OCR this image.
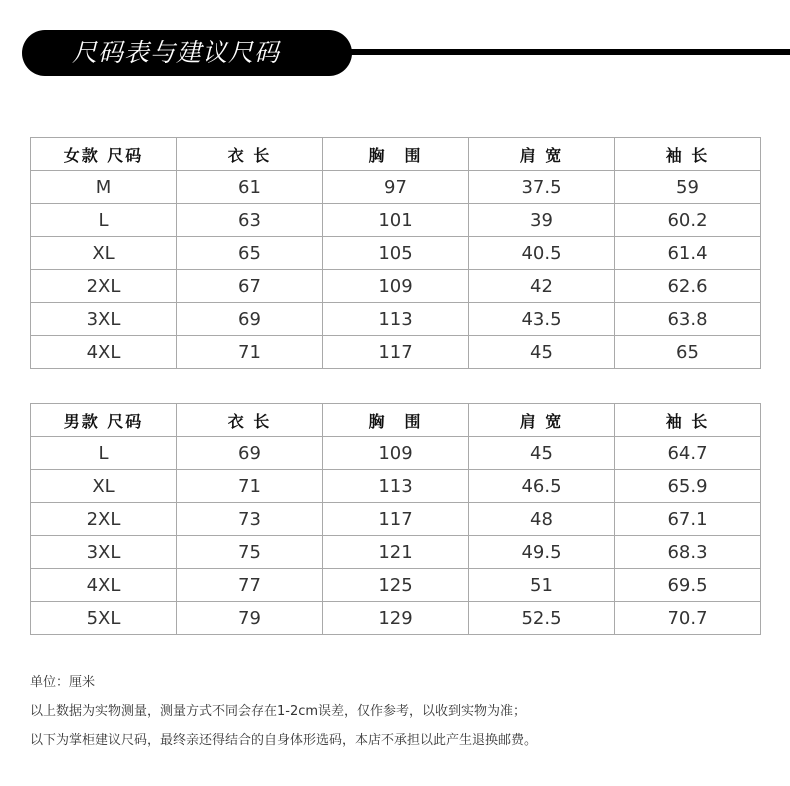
尺码表与建议尺码
女款 尺码	衣 长	胸　围	肩 宽	袖 长
M	61	97	37.5	59
L	63	101	39	60.2
XL	65	105	40.5	61.4
2XL	67	109	42	62.6
3XL	69	113	43.5	63.8
4XL	71	117	45	65
男款 尺码	衣 长	胸　围	肩 宽	袖 长
L	69	109	45	64.7
XL	71	113	46.5	65.9
2XL	73	117	48	67.1
3XL	75	121	49.5	68.3
4XL	77	125	51	69.5
5XL	79	129	52.5	70.7
单位：厘米
以上数据为实物测量，测量方式不同会存在1-2cm误差，仅作参考，以收到实物为准；
以下为掌柜建议尺码，最终亲还得结合的自身体形选码，本店不承担以此产生退换邮费。
